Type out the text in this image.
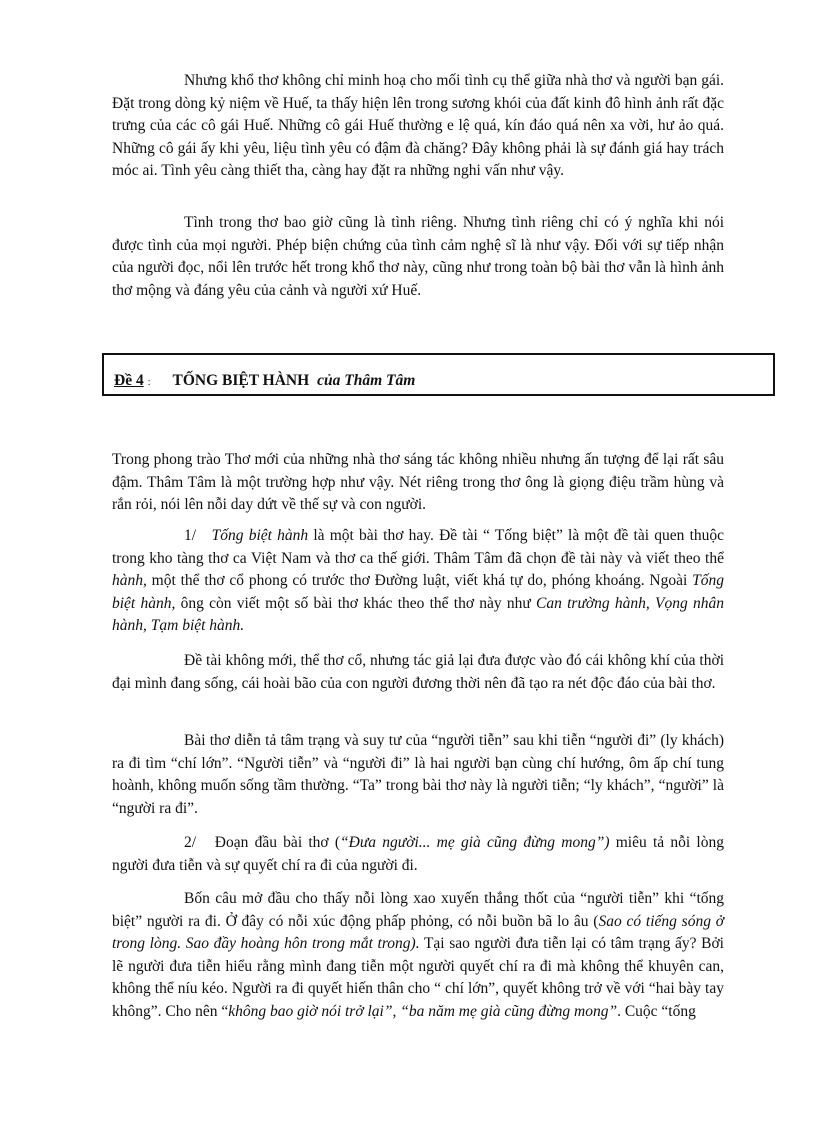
Nhưng khổ thơ không chỉ minh hoạ cho mối tình cụ thể giữa nhà thơ và người bạn gái. Đặt trong dòng kỷ niệm về Huế, ta thấy hiện lên trong sương khói của đất kinh đô hình ảnh rất đặc trưng của các cô gái Huế. Những cô gái Huế thường e lệ quá, kín đáo quá nên xa vời, hư ảo quá. Những cô gái ấy khi yêu, liệu tình yêu có đậm đà chăng? Đây không phải là sự đánh giá hay trách móc ai. Tình yêu càng thiết tha, càng hay đặt ra những nghi vấn như vậy.

Tình trong thơ bao giờ cũng là tình riêng. Nhưng tình riêng chỉ có ý nghĩa khi nói được tình của mọi người. Phép biện chứng của tình cảm nghệ sĩ là như vậy. Đối với sự tiếp nhận của người đọc, nổi lên trước hết trong khổ thơ này, cũng như trong toàn bộ bài thơ vẫn là hình ảnh thơ mộng và đáng yêu của cảnh và người xứ Huế.

Đề 4 : TỐNG BIỆT HÀNH của Thâm Tâm

Trong phong trào Thơ mới của những nhà thơ sáng tác không nhiều nhưng ấn tượng để lại rất sâu đậm. Thâm Tâm là một trường hợp như vậy. Nét riêng trong thơ ông là giọng điệu trầm hùng và rắn rỏi, nói lên nỗi day dứt về thế sự và con người.

1/ Tống biệt hành là một bài thơ hay. Đề tài “ Tống biệt” là một đề tài quen thuộc trong kho tàng thơ ca Việt Nam và thơ ca thế giới. Thâm Tâm đã chọn đề tài này và viết theo thể hành, một thể thơ cổ phong có trước thơ Đường luật, viết khá tự do, phóng khoáng. Ngoài Tống biệt hành, ông còn viết một số bài thơ khác theo thể thơ này như Can trường hành, Vọng nhân hành, Tạm biệt hành.

Đề tài không mới, thể thơ cổ, nhưng tác giả lại đưa được vào đó cái không khí của thời đại mình đang sống, cái hoài bão của con người đương thời nên đã tạo ra nét độc đáo của bài thơ.

Bài thơ diễn tả tâm trạng và suy tư của “người tiễn” sau khi tiễn “người đi” (ly khách) ra đi tìm “chí lớn”. “Người tiễn” và “người đi” là hai người bạn cùng chí hướng, ôm ấp chí tung hoành, không muốn sống tầm thường. “Ta” trong bài thơ này là người tiễn; “ly khách”, “người” là “người ra đi”.

2/ Đoạn đầu bài thơ (“Đưa người... mẹ già cũng đừng mong”) miêu tả nỗi lòng người đưa tiễn và sự quyết chí ra đi của người đi.

Bốn câu mở đầu cho thấy nỗi lòng xao xuyến thắng thốt của “người tiễn” khi “tống biệt” người ra đi. Ở đây có nỗi xúc động phấp phỏng, có nỗi buồn bã lo âu (Sao có tiếng sóng ở trong lòng. Sao đầy hoàng hôn trong mắt trong). Tại sao người đưa tiễn lại có tâm trạng ấy? Bởi lẽ người đưa tiễn hiểu rằng mình đang tiễn một người quyết chí ra đi mà không thể khuyên can, không thể níu kéo. Người ra đi quyết hiến thân cho “ chí lớn”, quyết không trở về với “hai bày tay không”. Cho nên “không bao giờ nói trở lại”, “ba năm mẹ già cũng đừng mong”. Cuộc “tống
